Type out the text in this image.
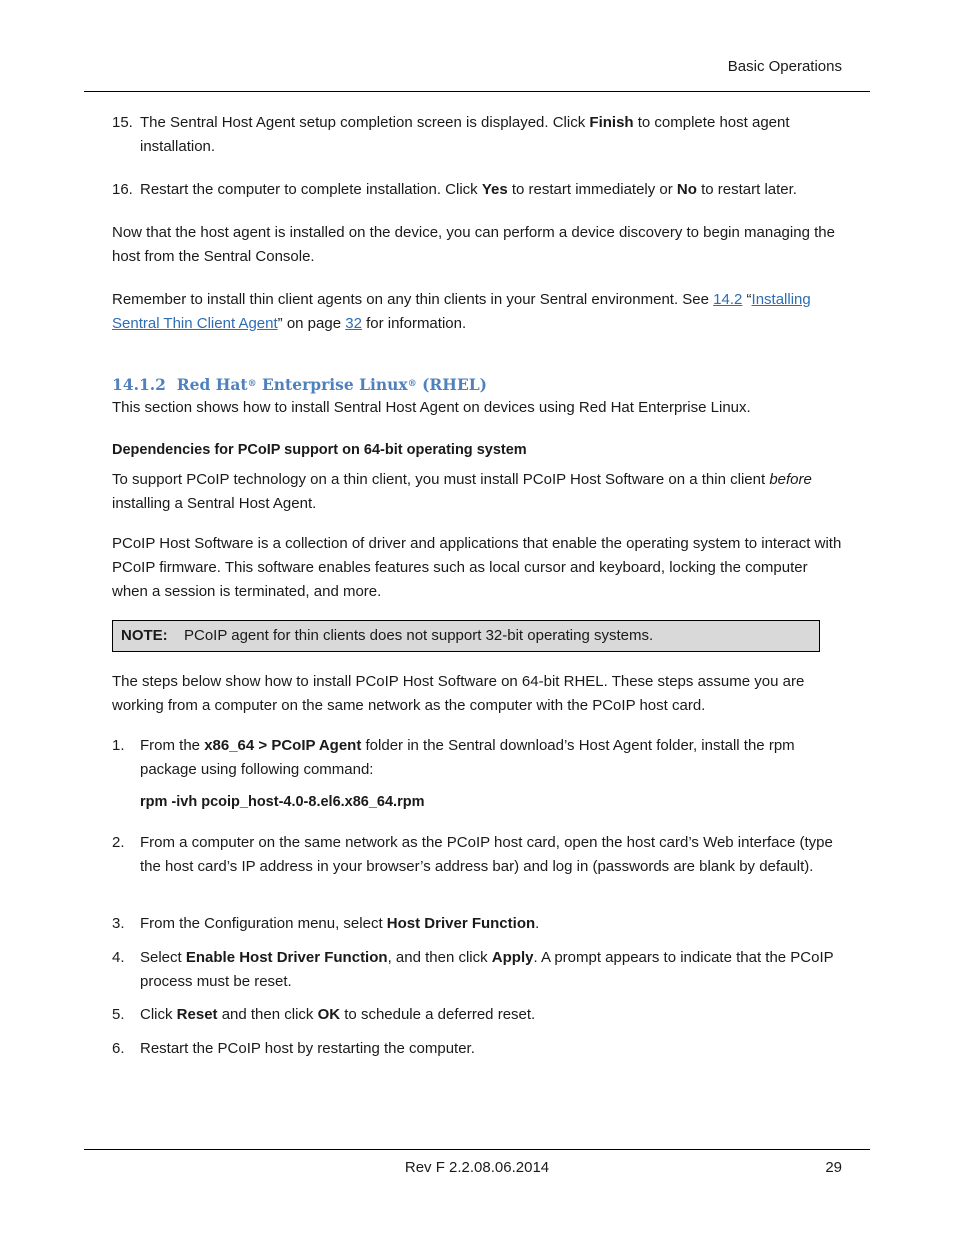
Basic Operations
15. The Sentral Host Agent setup completion screen is displayed. Click Finish to complete host agent installation.
16. Restart the computer to complete installation. Click Yes to restart immediately or No to restart later.
Now that the host agent is installed on the device, you can perform a device discovery to begin managing the host from the Sentral Console.
Remember to install thin client agents on any thin clients in your Sentral environment. See 14.2 “Installing Sentral Thin Client Agent” on page 32 for information.
14.1.2 Red Hat® Enterprise Linux® (RHEL)
This section shows how to install Sentral Host Agent on devices using Red Hat Enterprise Linux.
Dependencies for PCoIP support on 64-bit operating system
To support PCoIP technology on a thin client, you must install PCoIP Host Software on a thin client before installing a Sentral Host Agent.
PCoIP Host Software is a collection of driver and applications that enable the operating system to interact with PCoIP firmware. This software enables features such as local cursor and keyboard, locking the computer when a session is terminated, and more.
NOTE: PCoIP agent for thin clients does not support 32-bit operating systems.
The steps below show how to install PCoIP Host Software on 64-bit RHEL. These steps assume you are working from a computer on the same network as the computer with the PCoIP host card.
1.	From the x86_64 > PCoIP Agent folder in the Sentral download’s Host Agent folder, install the rpm package using following command:
rpm -ivh pcoip_host-4.0-8.el6.x86_64.rpm
2.	From a computer on the same network as the PCoIP host card, open the host card’s Web interface (type the host card’s IP address in your browser’s address bar) and log in (passwords are blank by default).
3.	From the Configuration menu, select Host Driver Function.
4.	Select Enable Host Driver Function, and then click Apply. A prompt appears to indicate that the PCoIP process must be reset.
5.	Click Reset and then click OK to schedule a deferred reset.
6.	Restart the PCoIP host by restarting the computer.
Rev F 2.2.08.06.2014	29
